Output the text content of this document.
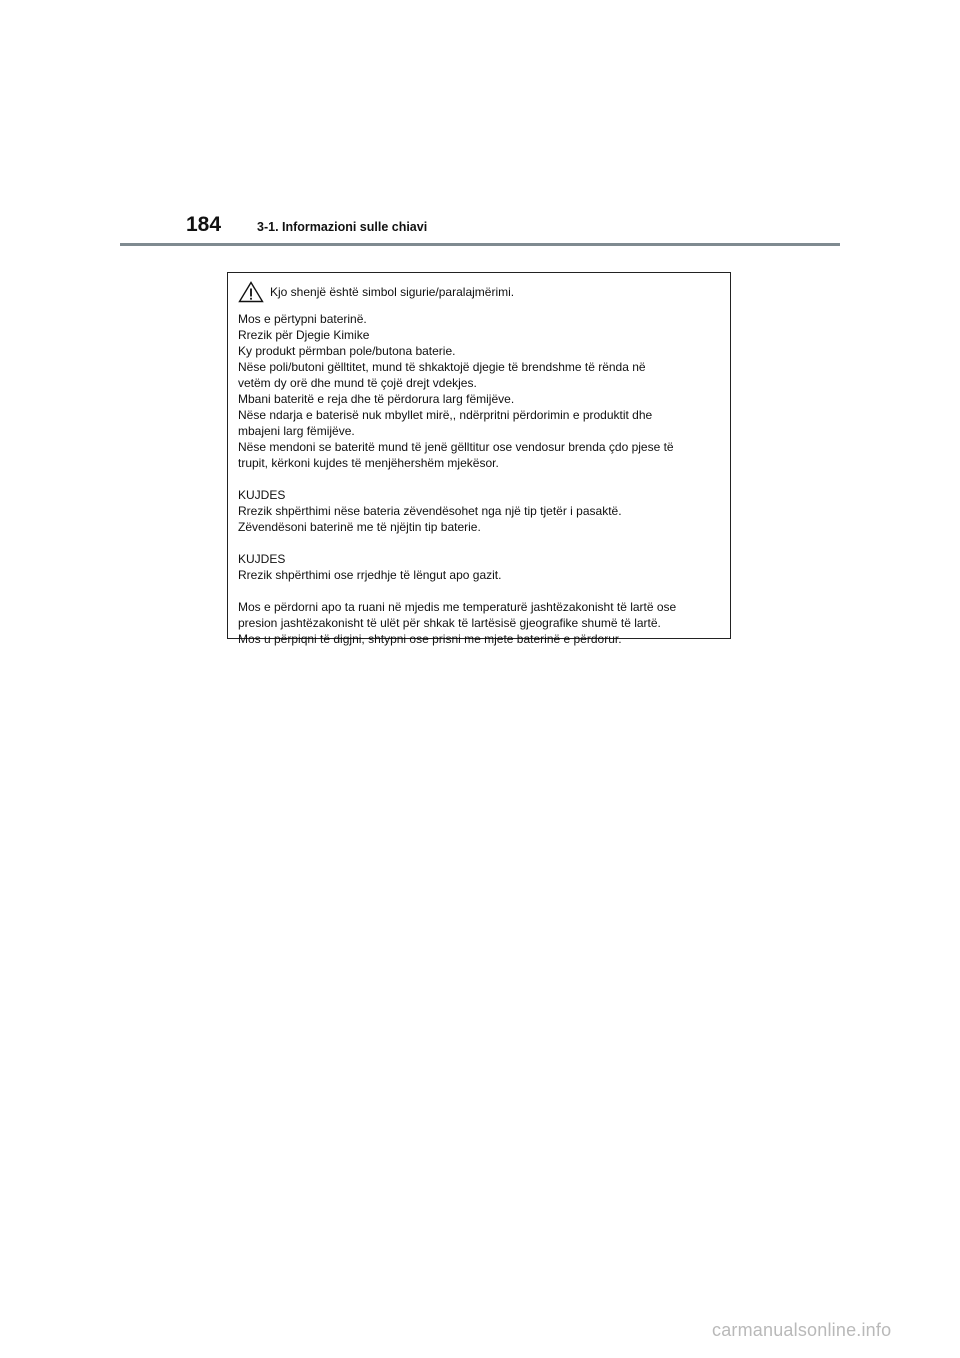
184	3-1. Informazioni sulle chiavi
Kjo shenjë është simbol sigurie/paralajmërimi.

Mos e përtypni baterinë.

Rrezik për Djegie Kimike

Ky produkt përmban pole/butona baterie.

Nëse poli/butoni gëlltitet, mund të shkaktojë djegie të brendshme të rënda në

vetëm dy orë dhe mund të çojë drejt vdekjes.

Mbani bateritë e reja dhe të përdorura larg fëmijëve.

Nëse ndarja e baterisë nuk mbyllet mirë,, ndërpritni përdorimin e produktit dhe

mbajeni larg fëmijëve.

Nëse mendoni se bateritë mund të jenë gëlltitur ose vendosur brenda çdo pjese të

trupit, kërkoni kujdes të menjëhershëm mjekësor.

KUJDES

Rrezik shpërthimi nëse bateria zëvendësohet nga një tip tjetër i pasaktë.

Zëvendësoni baterinë me të njëjtin tip baterie.

KUJDES

Rrezik shpërthimi ose rrjedhje të lëngut apo gazit.

Mos e përdorni apo ta ruani në mjedis me temperaturë jashtëzakonisht të lartë ose

presion jashtëzakonisht të ulët për shkak të lartësisë gjeografike shumë të lartë.

Mos u përpiqni të digjni, shtypni ose prisni me mjete baterinë e përdorur.

carmanualsonline.info
